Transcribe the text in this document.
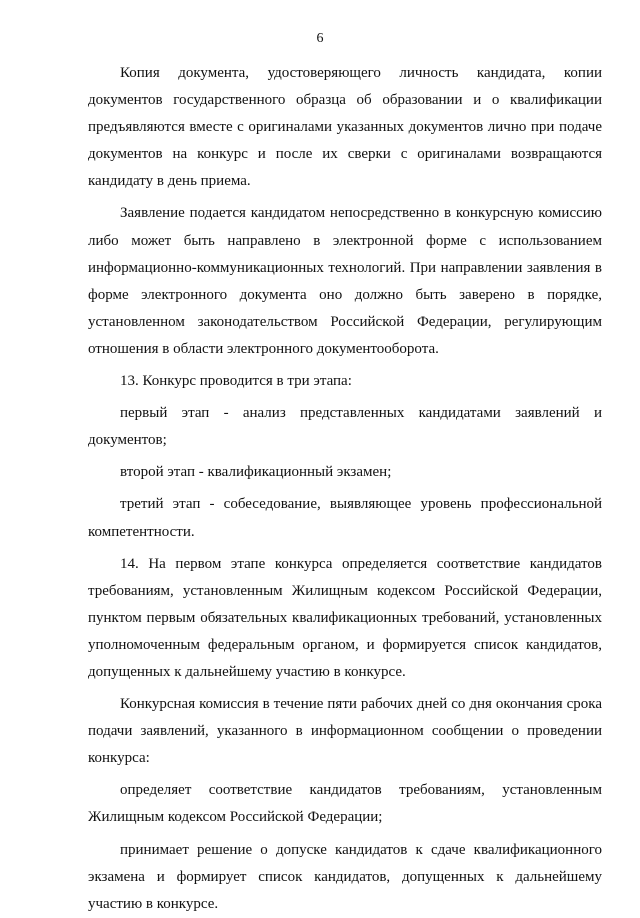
6

Копия документа, удостоверяющего личность кандидата, копии документов государственного образца об образовании и о квалификации предъявляются вместе с оригиналами указанных документов лично при подаче документов на конкурс и после их сверки с оригиналами возвращаются кандидату в день приема.

Заявление подается кандидатом непосредственно в конкурсную комиссию либо может быть направлено в электронной форме с использованием информационно-коммуникационных технологий. При направлении заявления в форме электронного документа оно должно быть заверено в порядке, установленном законодательством Российской Федерации, регулирующим отношения в области электронного документооборота.

13. Конкурс проводится в три этапа:

первый этап - анализ представленных кандидатами заявлений и документов;

второй этап - квалификационный экзамен;

третий этап - собеседование, выявляющее уровень профессиональной компетентности.

14. На первом этапе конкурса определяется соответствие кандидатов требованиям, установленным Жилищным кодексом Российской Федерации, пунктом первым обязательных квалификационных требований, установленных уполномоченным федеральным органом, и формируется список кандидатов, допущенных к дальнейшему участию в конкурсе.

Конкурсная комиссия в течение пяти рабочих дней со дня окончания срока подачи заявлений, указанного в информационном сообщении о проведении конкурса:

определяет соответствие кандидатов требованиям, установленным Жилищным кодексом Российской Федерации;

принимает решение о допуске кандидатов к сдаче квалификационного экзамена и формирует список кандидатов, допущенных к дальнейшему участию в конкурсе.
